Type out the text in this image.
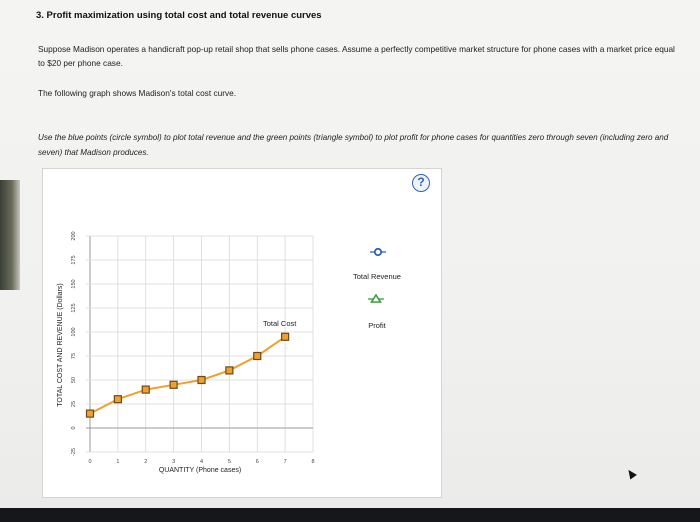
3. Profit maximization using total cost and total revenue curves
Suppose Madison operates a handicraft pop-up retail shop that sells phone cases. Assume a perfectly competitive market structure for phone cases with a market price equal to $20 per phone case.
The following graph shows Madison's total cost curve.
Use the blue points (circle symbol) to plot total revenue and the green points (triangle symbol) to plot profit for phone cases for quantities zero through seven (including zero and seven) that Madison produces.
?
0	1	2	3	4	5	6	7	8
-25
0
25
50
75
100
125
150
175
200
TOTAL COST AND REVENUE (Dollars)
QUANTITY (Phone cases)
Total Cost
Total Revenue
Profit
